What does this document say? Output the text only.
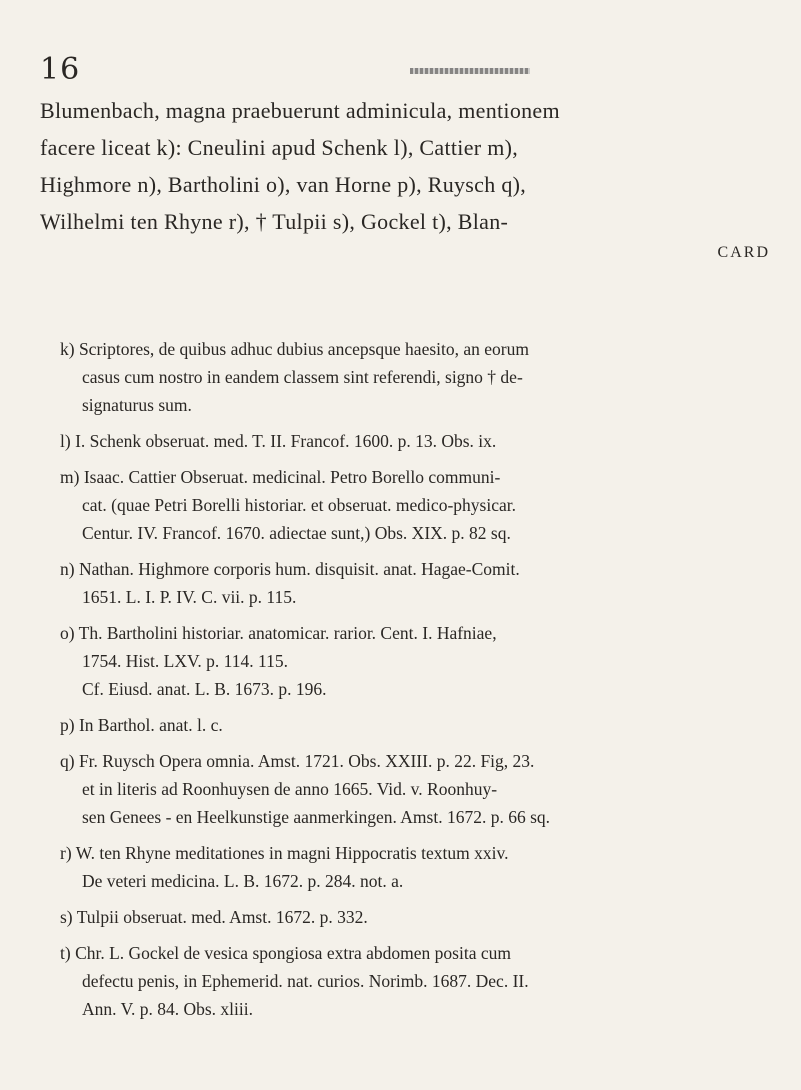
16
Blumenbach, magna praebuerunt adminicula, mentionem
facere liceat k): Cneulini apud Schenk l), Cattier m),
Highmore n), Bartholini o), van Horne p), Ruysch q),
Wilhelmi ten Rhyne r), † Tulpii s), Gockel t), Blan-
CARD
k) Scriptores, de quibus adhuc dubius ancepsque haesito, an eorum
casus cum nostro in eandem classem sint referendi, signo † de-
signaturus sum.
l) I. Schenk obseruat. med. T. II. Francof. 1600. p. 13. Obs. ix.
m) Isaac. Cattier Obseruat. medicinal. Petro Borello communi-
cat. (quae Petri Borelli historiar. et obseruat. medico-physicar.
Centur. IV. Francof. 1670. adiectae sunt,) Obs. XIX. p. 82 sq.
n) Nathan. Highmore corporis hum. disquisit. anat. Hagae-Comit.
1651. L. I. P. IV. C. vii. p. 115.
o) Th. Bartholini historiar. anatomicar. rarior. Cent. I. Hafniae,
1754. Hist. LXV. p. 114. 115.
Cf. Eiusd. anat. L. B. 1673. p. 196.
p) In Barthol. anat. l. c.
q) Fr. Ruysch Opera omnia. Amst. 1721. Obs. XXIII. p. 22. Fig, 23.
et in literis ad Roonhuysen de anno 1665. Vid. v. Roonhuy-
sen Genees - en Heelkunstige aanmerkingen. Amst. 1672. p. 66 sq.
r) W. ten Rhyne meditationes in magni Hippocratis textum xxiv.
De veteri medicina. L. B. 1672. p. 284. not. a.
s) Tulpii obseruat. med. Amst. 1672. p. 332.
t) Chr. L. Gockel de vesica spongiosa extra abdomen posita cum
defectu penis, in Ephemerid. nat. curios. Norimb. 1687. Dec. II.
Ann. V. p. 84. Obs. xliii.
